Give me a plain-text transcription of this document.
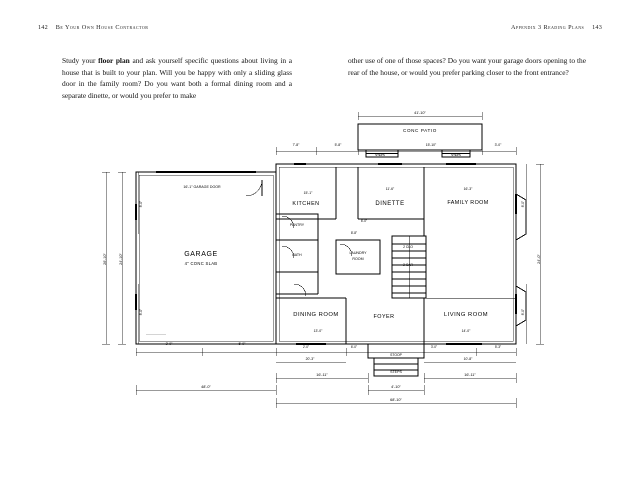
142 Be Your Own House Contractor	Appendix 3 Reading Plans 143
Study your floor plan and ask yourself specific questions about living in a house that is built to your plan. Will you be happy with only a sliding glass door in the family room? Do you want both a formal dining room and a separate dinette, or would you prefer to make
other use of one of those spaces? Do you want your garage doors opening to the rear of the house, or would you prefer parking closer to the front entrance?
GARAGE
4" CONC SLAB
KITCHEN	DINETTE	FAMILY ROOM
DINING ROOM	FOYER	LIVING ROOM
PANTRY
BATH	LAUNDRY
ROOM
2 CLO
2 CAR
CONC PATIO
STOOP
STEPS
STEPS	STEPS
48'-0"
68'-10"
16'-11"	16'-11"
4'-10"
41'-10"
15'-10"	3'-0"
7'-8"	5'-8"
16'-1" GARAGE DOOR	16'-3"
11'-6"
15'-1"
14'-0"
13'-0"
6'-0"
8'-8"
3'-0"	5'-0"
2'-0"	6'-0"	3'-0"	5'-3"
20'-3"	10'-8"
26'-10"	24'-10"
8'-0"
8'-0"
24'-0"
8'-0"
8'-0"
